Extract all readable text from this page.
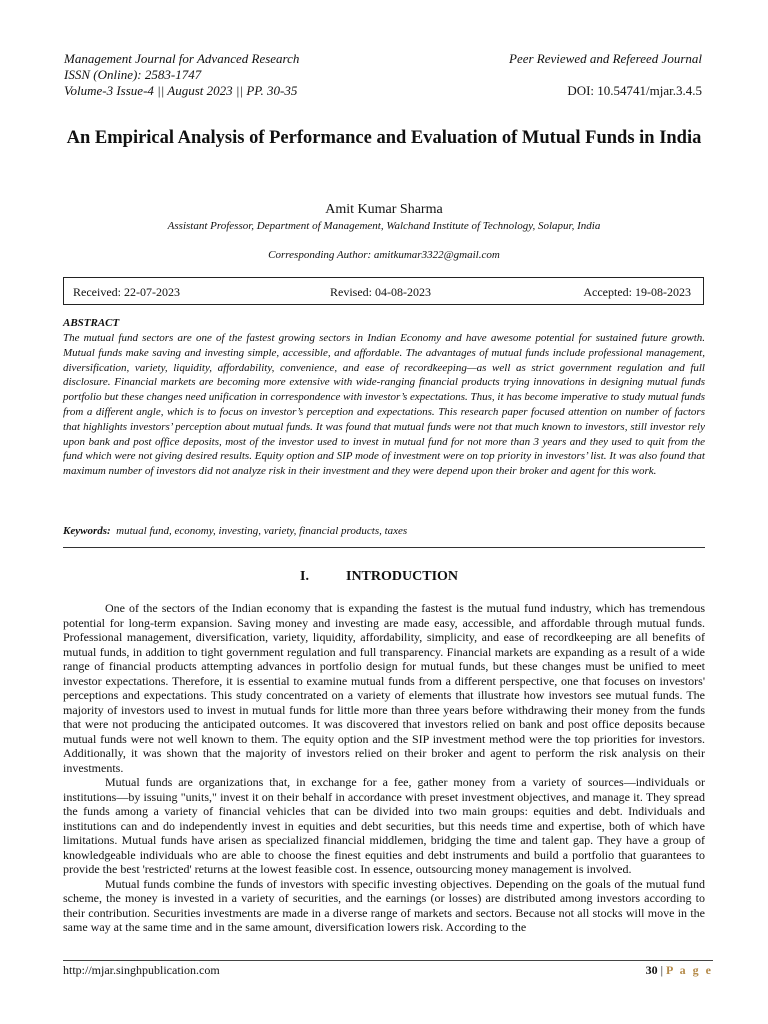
Management Journal for Advanced Research
ISSN (Online): 2583-1747
Volume-3 Issue-4 || August 2023 || PP. 30-35
Peer Reviewed and Refereed Journal
DOI: 10.54741/mjar.3.4.5
An Empirical Analysis of Performance and Evaluation of Mutual Funds in India
Amit Kumar Sharma
Assistant Professor, Department of Management, Walchand Institute of Technology, Solapur, India
Corresponding Author: amitkumar3322@gmail.com
Received: 22-07-2023	Revised: 04-08-2023	Accepted: 19-08-2023
ABSTRACT
The mutual fund sectors are one of the fastest growing sectors in Indian Economy and have awesome potential for sustained future growth. Mutual funds make saving and investing simple, accessible, and affordable. The advantages of mutual funds include professional management, diversification, variety, liquidity, affordability, convenience, and ease of recordkeeping—as well as strict government regulation and full disclosure. Financial markets are becoming more extensive with wide-ranging financial products trying innovations in designing mutual funds portfolio but these changes need unification in correspondence with investor’s expectations. Thus, it has become imperative to study mutual funds from a different angle, which is to focus on investor’s perception and expectations. This research paper focused attention on number of factors that highlights investors’ perception about mutual funds. It was found that mutual funds were not that much known to investors, still investor rely upon bank and post office deposits, most of the investor used to invest in mutual fund for not more than 3 years and they used to quit from the fund which were not giving desired results. Equity option and SIP mode of investment were on top priority in investors’ list. It was also found that maximum number of investors did not analyze risk in their investment and they were depend upon their broker and agent for this work.
Keywords: mutual fund, economy, investing, variety, financial products, taxes
I.	INTRODUCTION

One of the sectors of the Indian economy that is expanding the fastest is the mutual fund industry, which has tremendous potential for long-term expansion. Saving money and investing are made easy, accessible, and affordable through mutual funds. Professional management, diversification, variety, liquidity, affordability, simplicity, and ease of recordkeeping are all benefits of mutual funds, in addition to tight government regulation and full transparency. Financial markets are expanding as a result of a wide range of financial products attempting advances in portfolio design for mutual funds, but these changes must be unified to meet investor expectations. Therefore, it is essential to examine mutual funds from a different perspective, one that focuses on investors' perceptions and expectations. This study concentrated on a variety of elements that illustrate how investors see mutual funds. The majority of investors used to invest in mutual funds for little more than three years before withdrawing their money from the funds that were not producing the anticipated outcomes. It was discovered that investors relied on bank and post office deposits because mutual funds were not well known to them. The equity option and the SIP investment method were the top priorities for investors. Additionally, it was shown that the majority of investors relied on their broker and agent to perform the risk analysis on their investments.

Mutual funds are organizations that, in exchange for a fee, gather money from a variety of sources—individuals or institutions—by issuing "units," invest it on their behalf in accordance with preset investment objectives, and manage it. They spread the funds among a variety of financial vehicles that can be divided into two main groups: equities and debt. Individuals and institutions can and do independently invest in equities and debt securities, but this needs time and expertise, both of which have limitations. Mutual funds have arisen as specialized financial middlemen, bridging the time and talent gap. They have a group of knowledgeable individuals who are able to choose the finest equities and debt instruments and build a portfolio that guarantees to provide the best 'restricted' returns at the lowest feasible cost. In essence, outsourcing money management is involved.

Mutual funds combine the funds of investors with specific investing objectives. Depending on the goals of the mutual fund scheme, the money is invested in a variety of securities, and the earnings (or losses) are distributed among investors according to their contribution. Securities investments are made in a diverse range of markets and sectors. Because not all stocks will move in the same way at the same time and in the same amount, diversification lowers risk. According to the

http://mjar.singhpublication.com	30 | P a g e
